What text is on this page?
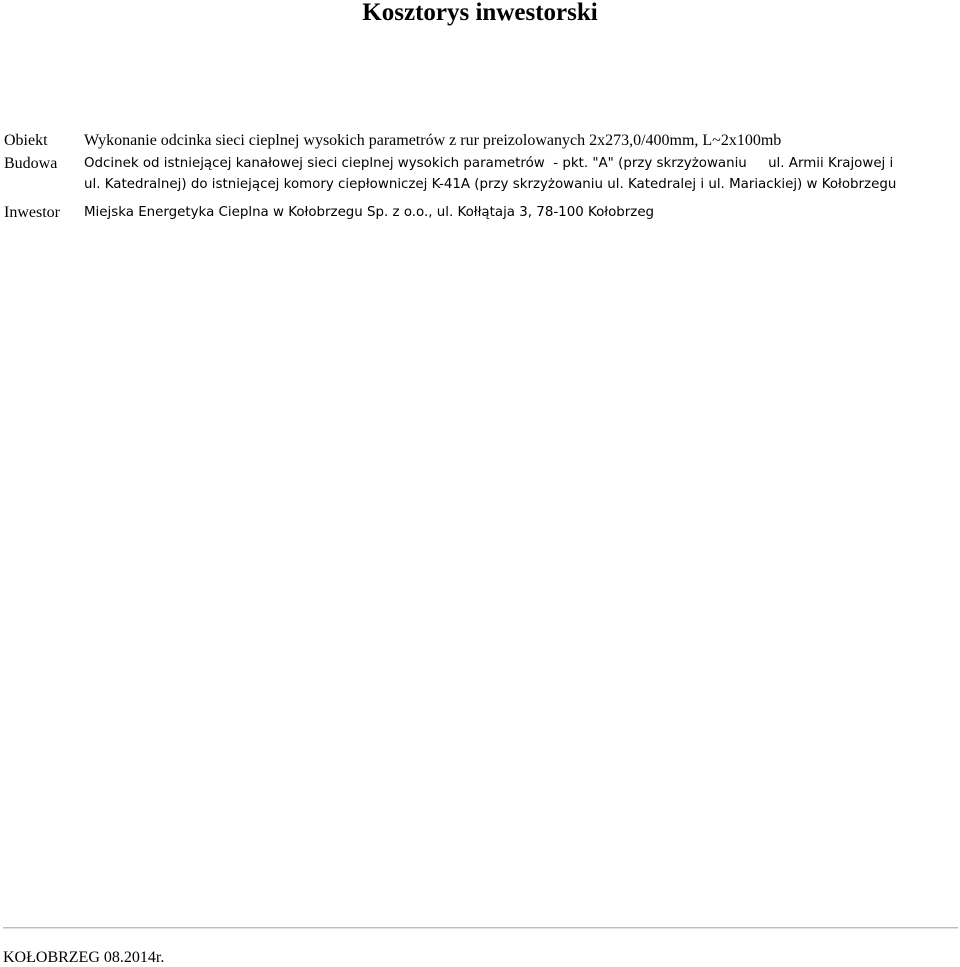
Kosztorys inwestorski
Obiekt	Wykonanie odcinka sieci cieplnej wysokich parametrów z rur preizolowanych 2x273,0/400mm, L~2x100mb
Budowa	Odcinek od istniejącej kanałowej sieci cieplnej wysokich parametrów  - pkt. "A" (przy skrzyżowaniu     ul. Armii Krajowej i
ul. Katedralnej) do istniejącej komory ciepłowniczej K-41A (przy skrzyżowaniu ul. Katedralej i ul. Mariackiej) w Kołobrzegu
Inwestor	Miejska Energetyka Cieplna w Kołobrzegu Sp. z o.o., ul. Kołłątaja 3, 78-100 Kołobrzeg
KOŁOBRZEG 08.2014r.
